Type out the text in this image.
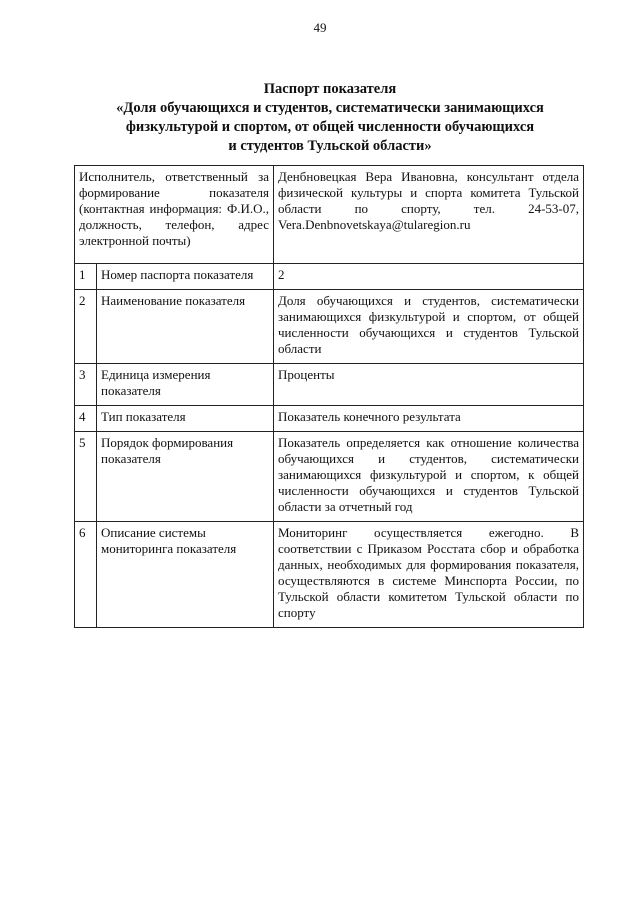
49
Паспорт показателя
«Доля обучающихся и студентов, систематически занимающихся
физкультурой и спортом, от общей численности обучающихся
и студентов Тульской области»
Исполнитель, ответственный за формирование показателя (контактная информация: Ф.И.О., должность, телефон, адрес электронной почты)		Денбновецкая Вера Ивановна, консультант отдела физической культуры и спорта комитета Тульской области по спорту, тел. 24-53-07, Vera.Denbnovetskaya@tularegion.ru
1	Номер паспорта показателя	2
2	Наименование показателя	Доля обучающихся и студентов, систематически занимающихся физкультурой и спортом, от общей численности обучающихся и студентов Тульской области
3	Единица измерения показателя	Проценты
4	Тип показателя	Показатель конечного результата
5	Порядок формирования показателя	Показатель определяется как отношение количества обучающихся и студентов, систематически занимающихся физкультурой и спортом, к общей численности обучающихся и студентов Тульской области за отчетный год
6	Описание системы мониторинга показателя	Мониторинг осуществляется ежегодно. В соответствии с Приказом Росстата сбор и обработка данных, необходимых для формирования показателя, осуществляются в системе Минспорта России, по Тульской области комитетом Тульской области по спорту
